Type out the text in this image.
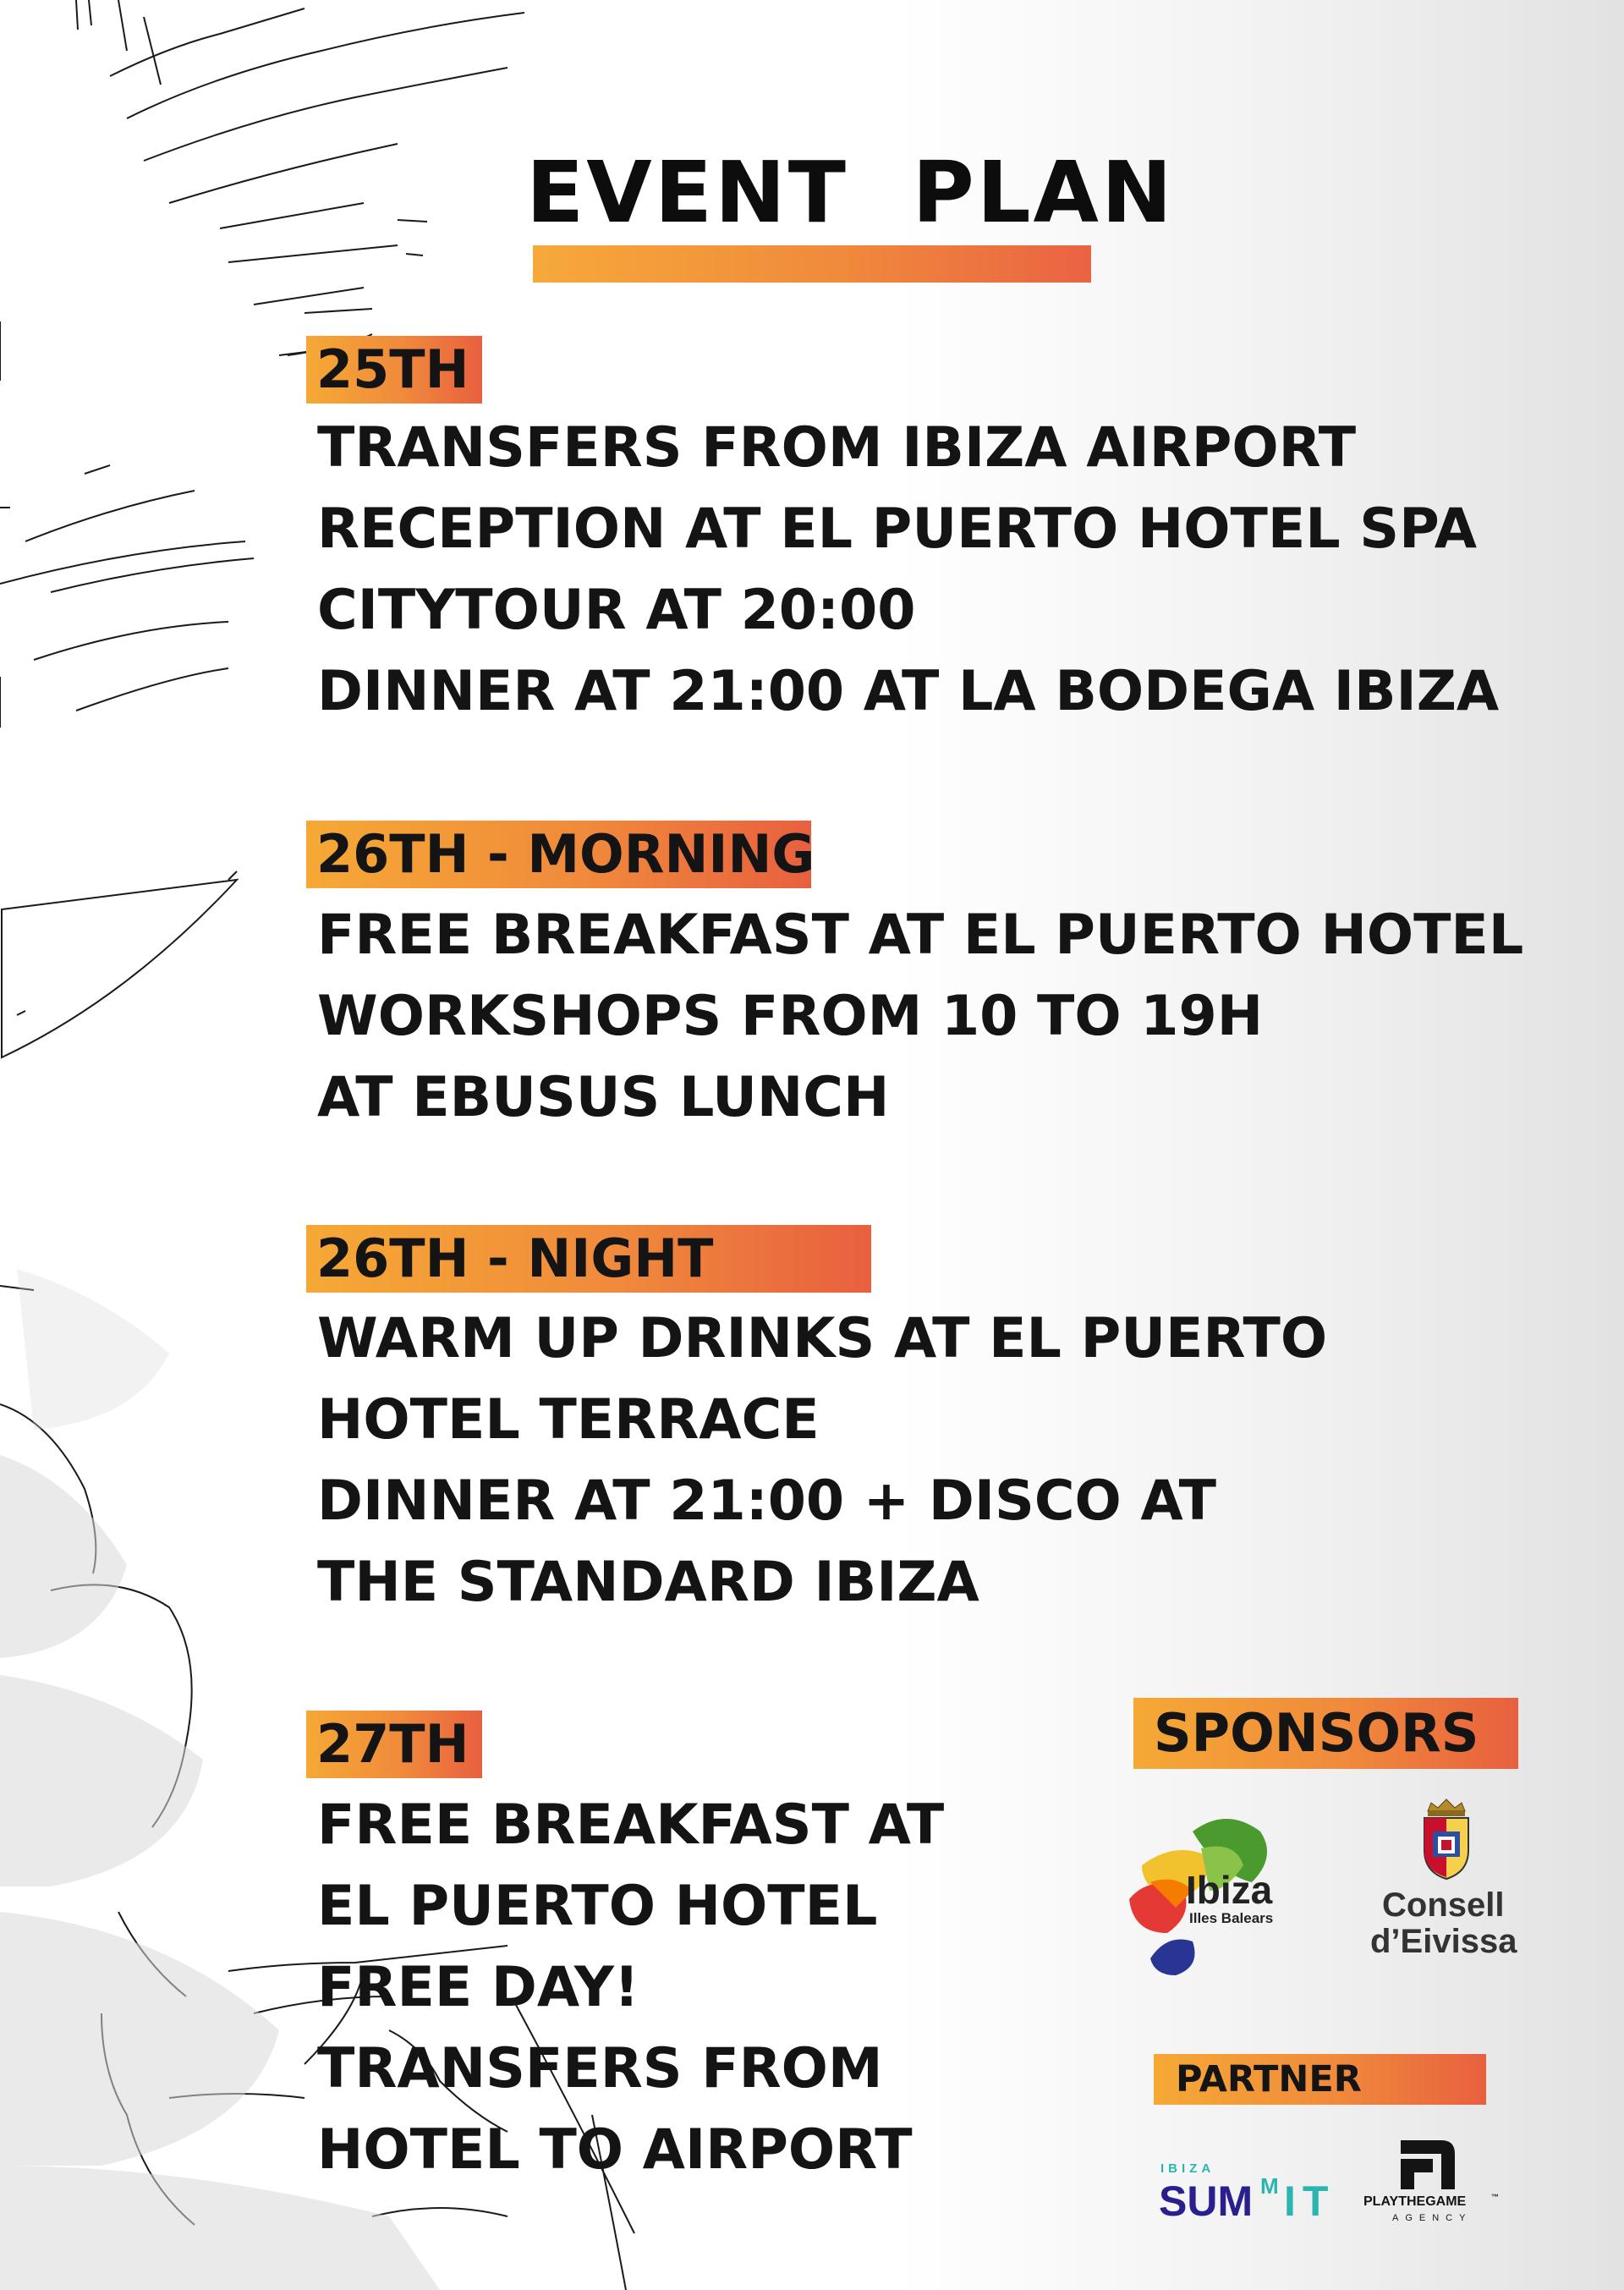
EVENT  PLAN
25TH
TRANSFERS FROM IBIZA AIRPORT
RECEPTION AT EL PUERTO HOTEL SPA
CITYTOUR AT 20:00
DINNER AT 21:00 AT LA BODEGA IBIZA
26TH - MORNING
FREE BREAKFAST AT EL PUERTO HOTEL
WORKSHOPS FROM 10 TO 19H
AT EBUSUS LUNCH
26TH - NIGHT
WARM UP DRINKS AT EL PUERTO
HOTEL TERRACE
DINNER AT 21:00 + DISCO AT
THE STANDARD IBIZA
27TH
FREE BREAKFAST AT
EL PUERTO HOTEL
FREE DAY!
TRANSFERS FROM
HOTEL TO AIRPORT
SPONSORS
Ibiza
Illes Balears	Consell
d’Eivissa
PARTNER
IBIZA
SUM M IT PLAYTHEGAME	™
AGENCY
